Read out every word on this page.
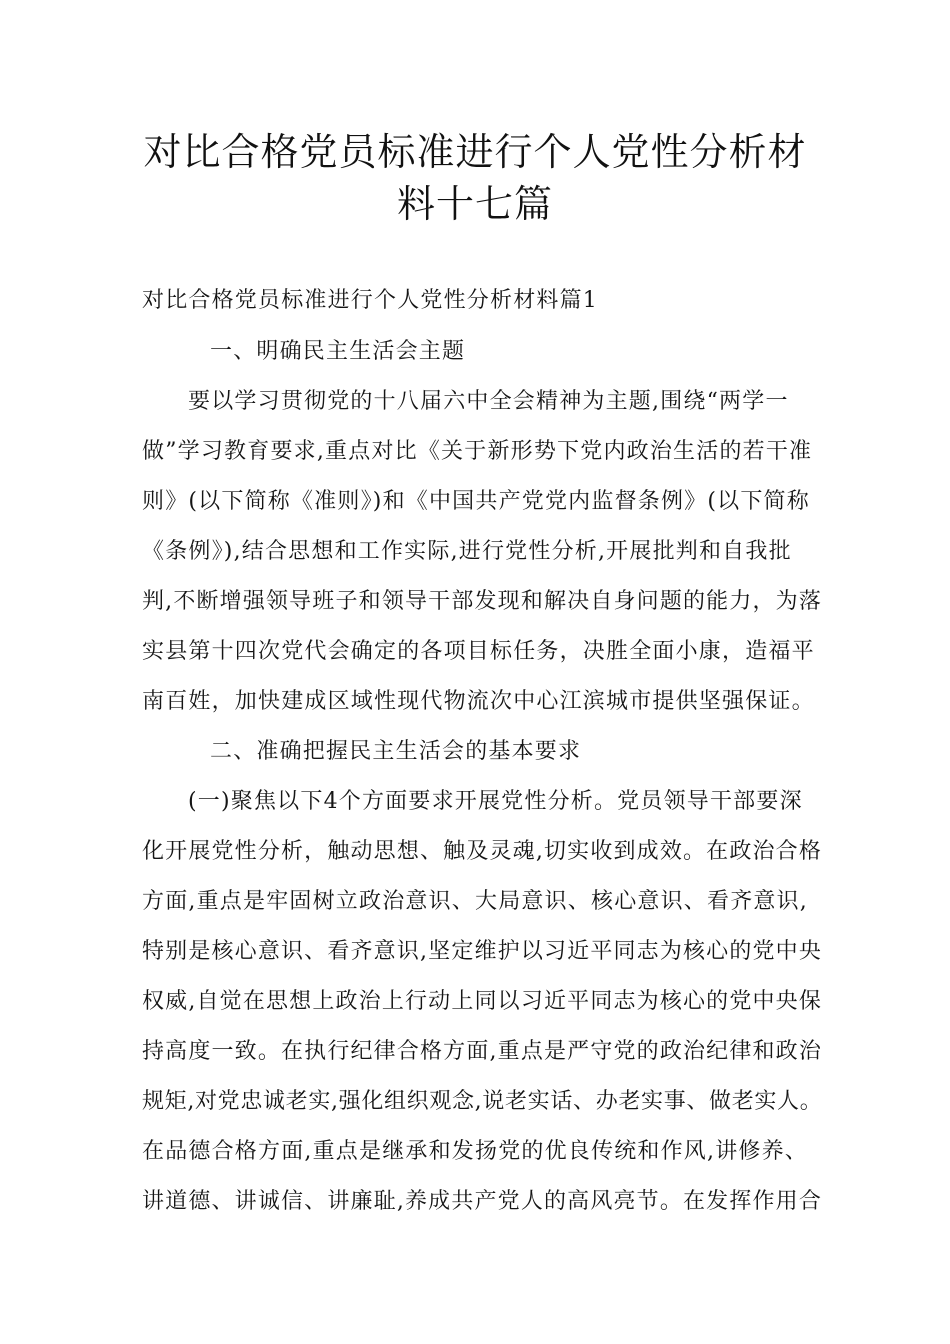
对比合格党员标准进行个人党性分析材
料十七篇
对比合格党员标准进行个人党性分析材料篇1
一、明确民主生活会主题
要以学习贯彻党的十八届六中全会精神为主题,围绕“两学一
做”学习教育要求,重点对比《关于新形势下党内政治生活的若干准
则》(以下简称《准则》)和《中国共产党党内监督条例》(以下简称
《条例》),结合思想和工作实际,进行党性分析,开展批判和自我批
判,不断增强领导班子和领导干部发现和解决自身问题的能力，为落
实县第十四次党代会确定的各项目标任务，决胜全面小康，造福平
南百姓，加快建成区域性现代物流次中心江滨城市提供坚强保证。
二、准确把握民主生活会的基本要求
(一)聚焦以下4个方面要求开展党性分析。党员领导干部要深
化开展党性分析，触动思想、触及灵魂,切实收到成效。在政治合格
方面,重点是牢固树立政治意识、大局意识、核心意识、看齐意识,
特别是核心意识、看齐意识,坚定维护以习近平同志为核心的党中央
权威,自觉在思想上政治上行动上同以习近平同志为核心的党中央保
持高度一致。在执行纪律合格方面,重点是严守党的政治纪律和政治
规矩,对党忠诚老实,强化组织观念,说老实话、办老实事、做老实人。
在品德合格方面,重点是继承和发扬党的优良传统和作风,讲修养、
讲道德、讲诚信、讲廉耻,养成共产党人的高风亮节。在发挥作用合
